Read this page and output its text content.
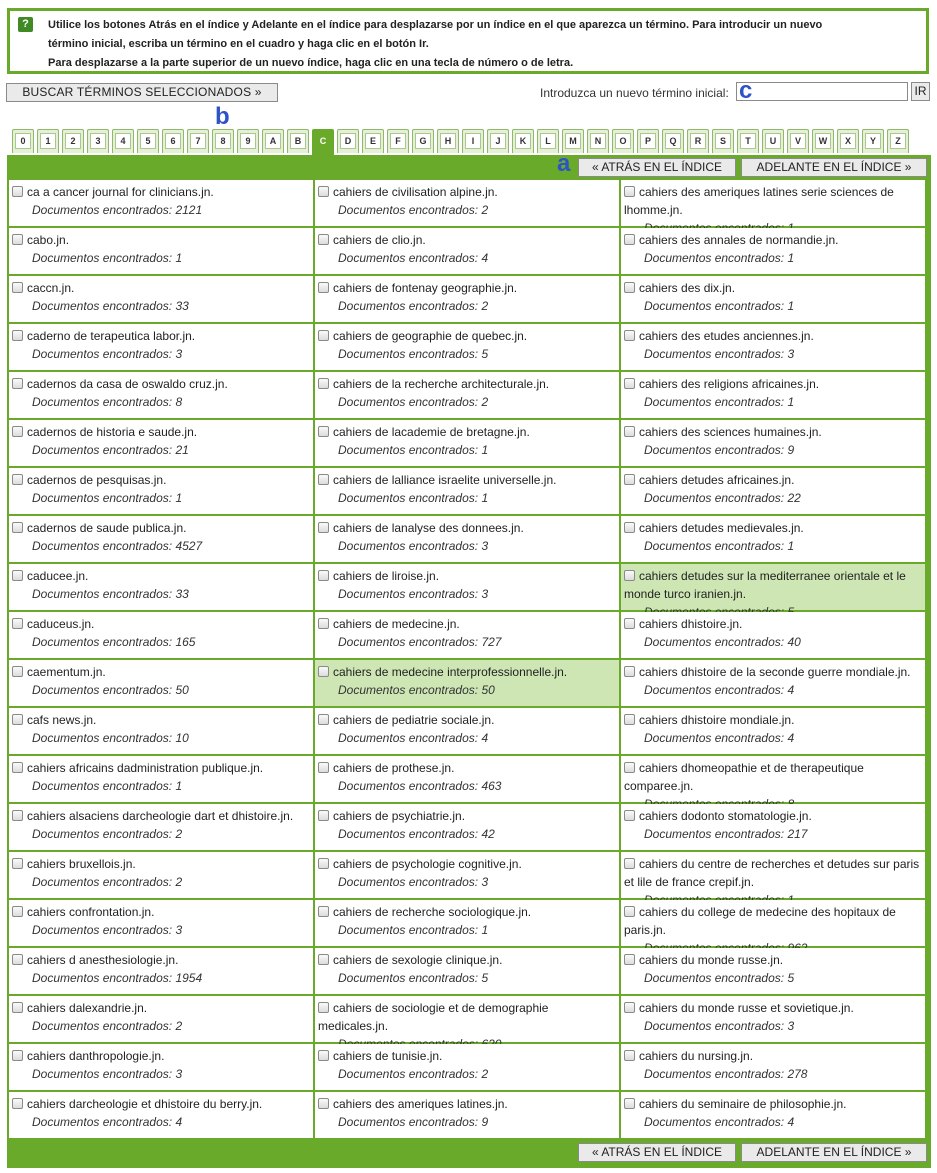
?	Utilice los botones Atrás en el índice y Adelante en el índice para desplazarse por un índice en el que aparezca un término. Para introducir un nuevo
término inicial, escriba un término en el cuadro y haga clic en el botón Ir.
Para desplazarse a la parte superior de un nuevo índice, haga clic en una tecla de número o de letra.
BUSCAR TÉRMINOS SELECCIONADOS »	Introduzca un nuevo término inicial:	IR
0	1	2	3	4	5	6	7	8	9	A	B	C	D	E	F	G	H	I	J	K	L	M	N	O	P	Q	R	S	T	U	V	W	X	Y	Z
« ATRÁS EN EL ÍNDICE	ADELANTE EN EL ÍNDICE »
ca a cancer journal for clinicians.jn.
Documentos encontrados: 2121
cabo.jn.
Documentos encontrados: 1
caccn.jn.
Documentos encontrados: 33
caderno de terapeutica labor.jn.
Documentos encontrados: 3
cadernos da casa de oswaldo cruz.jn.
Documentos encontrados: 8
cadernos de historia e saude.jn.
Documentos encontrados: 21
cadernos de pesquisas.jn.
Documentos encontrados: 1
cadernos de saude publica.jn.
Documentos encontrados: 4527
caducee.jn.
Documentos encontrados: 33
caduceus.jn.
Documentos encontrados: 165
caementum.jn.
Documentos encontrados: 50
cafs news.jn.
Documentos encontrados: 10
cahiers africains dadministration publique.jn.
Documentos encontrados: 1
cahiers alsaciens darcheologie dart et dhistoire.jn.
Documentos encontrados: 2
cahiers bruxellois.jn.
Documentos encontrados: 2
cahiers confrontation.jn.
Documentos encontrados: 3
cahiers d anesthesiologie.jn.
Documentos encontrados: 1954
cahiers dalexandrie.jn.
Documentos encontrados: 2
cahiers danthropologie.jn.
Documentos encontrados: 3
cahiers darcheologie et dhistoire du berry.jn.
Documentos encontrados: 4
cahiers de civilisation alpine.jn.
Documentos encontrados: 2
cahiers de clio.jn.
Documentos encontrados: 4
cahiers de fontenay geographie.jn.
Documentos encontrados: 2
cahiers de geographie de quebec.jn.
Documentos encontrados: 5
cahiers de la recherche architecturale.jn.
Documentos encontrados: 2
cahiers de lacademie de bretagne.jn.
Documentos encontrados: 1
cahiers de lalliance israelite universelle.jn.
Documentos encontrados: 1
cahiers de lanalyse des donnees.jn.
Documentos encontrados: 3
cahiers de liroise.jn.
Documentos encontrados: 3
cahiers de medecine.jn.
Documentos encontrados: 727
cahiers de medecine interprofessionnelle.jn.
Documentos encontrados: 50
cahiers de pediatrie sociale.jn.
Documentos encontrados: 4
cahiers de prothese.jn.
Documentos encontrados: 463
cahiers de psychiatrie.jn.
Documentos encontrados: 42
cahiers de psychologie cognitive.jn.
Documentos encontrados: 3
cahiers de recherche sociologique.jn.
Documentos encontrados: 1
cahiers de sexologie clinique.jn.
Documentos encontrados: 5
cahiers de sociologie et de demographie medicales.jn.
cahiers de tunisie.jn.
Documentos encontrados: 2
cahiers des ameriques latines.jn.
Documentos encontrados: 9
cahiers des ameriques latines serie sciences de lhomme.jn.
cahiers des annales de normandie.jn.
Documentos encontrados: 1
cahiers des dix.jn.
Documentos encontrados: 1
cahiers des etudes anciennes.jn.
Documentos encontrados: 3
cahiers des religions africaines.jn.
Documentos encontrados: 1
cahiers des sciences humaines.jn.
Documentos encontrados: 9
cahiers detudes africaines.jn.
Documentos encontrados: 22
cahiers detudes medievales.jn.
Documentos encontrados: 1
cahiers detudes sur la mediterranee orientale et le monde turco iranien.jn.
cahiers dhistoire.jn.
Documentos encontrados: 40
cahiers dhistoire de la seconde guerre mondiale.jn.
Documentos encontrados: 4
cahiers dhistoire mondiale.jn.
Documentos encontrados: 4
cahiers dhomeopathie et de therapeutique comparee.jn.
cahiers dodonto stomatologie.jn.
Documentos encontrados: 217
cahiers du centre de recherches et detudes sur paris et lile de france crepif.jn.
cahiers du college de medecine des hopitaux de paris.jn.
cahiers du monde russe.jn.
Documentos encontrados: 5
cahiers du monde russe et sovietique.jn.
Documentos encontrados: 3
cahiers du nursing.jn.
Documentos encontrados: 278
cahiers du seminaire de philosophie.jn.
Documentos encontrados: 4
« ATRÁS EN EL ÍNDICE	ADELANTE EN EL ÍNDICE »
a
b
c
